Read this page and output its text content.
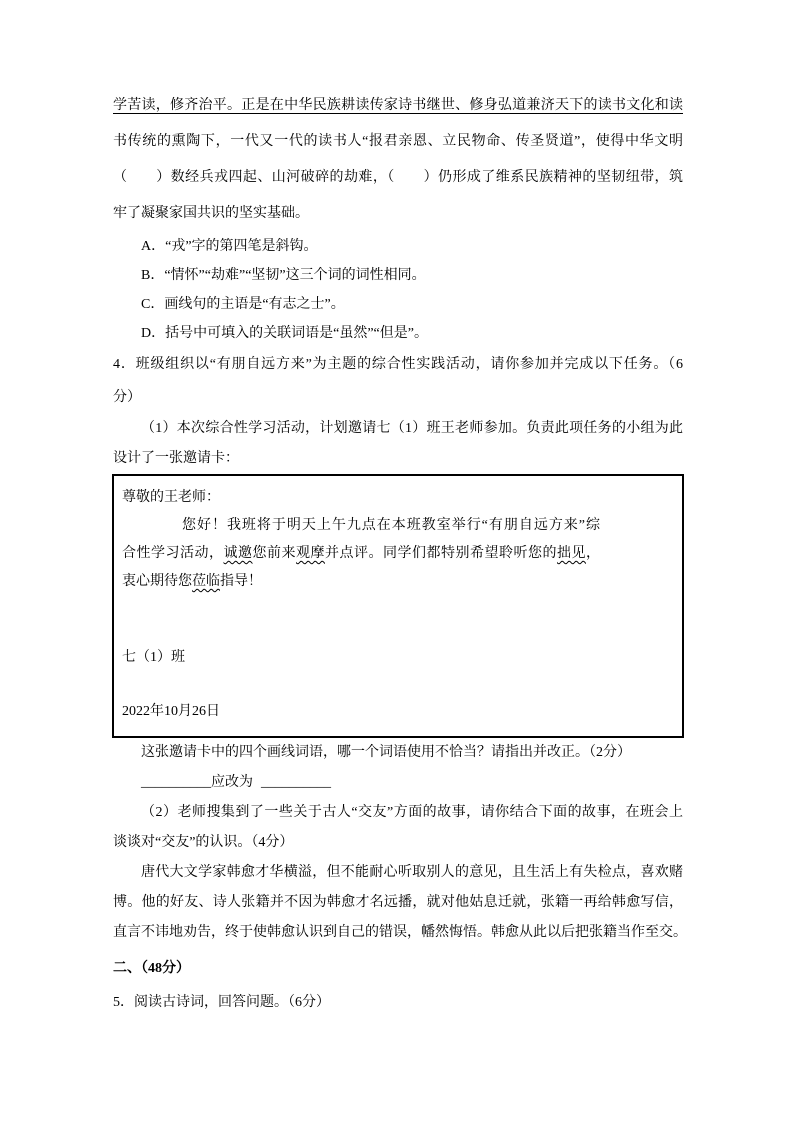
学苦读，修齐治平。正是在中华民族耕读传家诗书继世、修身弘道兼济天下的读书文化和读
书传统的熏陶下，一代又一代的读书人“报君亲恩、立民物命、传圣贤道”，使得中华文明
（　　）数经兵戎四起、山河破碎的劫难，（　　）仍形成了维系民族精神的坚韧纽带，筑
牢了凝聚家国共识的坚实基础。
A．“戎”字的第四笔是斜钩。
B．“情怀”“劫难”“坚韧”这三个词的词性相同。
C．画线句的主语是“有志之士”。
D．括号中可填入的关联词语是“虽然”“但是”。
4．班级组织以“有朋自远方来”为主题的综合性实践活动，请你参加并完成以下任务。（6
分）
（1）本次综合性学习活动，计划邀请七（1）班王老师参加。负责此项任务的小组为此
设计了一张邀请卡：
尊敬的王老师：
您好！我班将于明天上午九点在本班教室举行“有朋自远方来”综
合性学习活动，诚邀您前来观摩并点评。同学们都特别希望聆听您的拙见，
衷心期待您莅临指导！
七（1）班
2022年10月26日
这张邀请卡中的四个画线词语，哪一个词语使用不恰当？请指出并改正。（2分）
__________应改为 __________
（2）老师搜集到了一些关于古人“交友”方面的故事，请你结合下面的故事，在班会上
谈谈对“交友”的认识。（4分）
唐代大文学家韩愈才华横溢，但不能耐心听取别人的意见，且生活上有失检点，喜欢赌
博。他的好友、诗人张籍并不因为韩愈才名远播，就对他姑息迁就，张籍一再给韩愈写信，
直言不讳地劝告，终于使韩愈认识到自己的错误，幡然悔悟。韩愈从此以后把张籍当作至交。
二、（48分）
5．阅读古诗词，回答问题。（6分）
